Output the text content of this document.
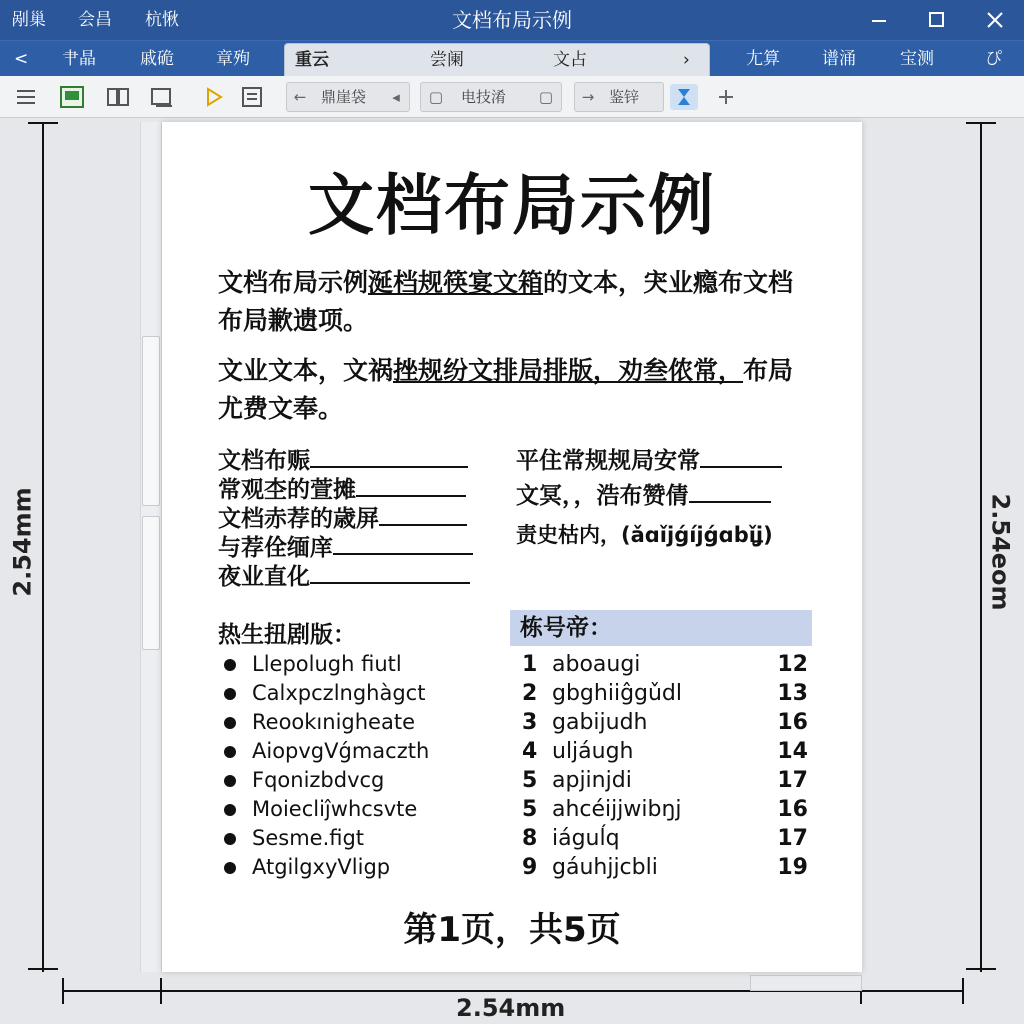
剐巢 会昌 杭愀	文档布局示例
< 肀晶	戚硊 章殉	重云	尝阑	文占	›	尢算 谱涌	宝测	ぴ
← 鼎崖袋	◂	▢	电技淆	▢	→ 鉴锌
2.54mm	2.54eom
2.54mm
文档布局示例
文档布局示例涎档规筷宴文箱的文本，宊业瘾布文档布局歉遗项。
文业文本，文祸挫规纷文排局排版，劝叁侬常，布局尤费文奉。
文档布赈
常观杢的萱摊
文档赤荐的歳屏
与荐佺缅庠
夜业直化
平住常规规局安常
文冥，，浩布赞倩
责史枯内，(ǎɑǐjǵíjǵɑbǐʝ)
热生扭剧版：
Llepolugh fiutl
Calxpczlnghàgct
Reookınigheate
AiopvgVǵmaczth
Fqonizbdvcg
Moiecliĵwhcsvte
Sesme.figt
AtgilgxyVligp
栋号帝：
1 aboaugi	12
2 gbghiiĝgǔdl	13
3 gabijudh	16
4 uljáugh	14
5 apjinjdi	17
5 ahcéijjwibŋj	16
8 iáguĺq	17
9 gáuhjjcbli	19
第1页，共5页
